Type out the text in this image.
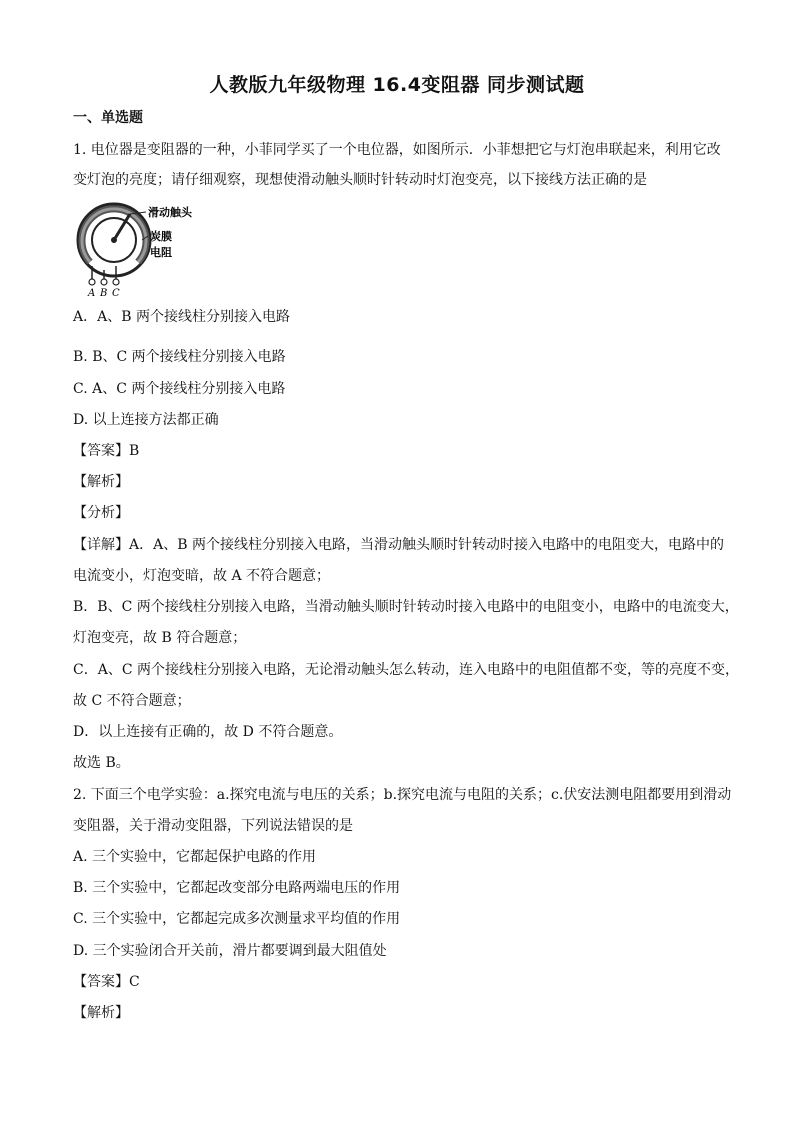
人教版九年级物理 16.4变阻器 同步测试题
一、单选题
1. 电位器是变阻器的一种，小菲同学买了一个电位器，如图所示．小菲想把它与灯泡串联起来，利用它改
变灯泡的亮度；请仔细观察，现想使滑动触头顺时针转动时灯泡变亮，以下接线方法正确的是
滑动触头
炭膜
电阻
A B C
A．A、B 两个接线柱分别接入电路
B. B、C 两个接线柱分别接入电路
C. A、C 两个接线柱分别接入电路
D. 以上连接方法都正确
【答案】B
【解析】
【分析】
【详解】A．A、B 两个接线柱分别接入电路，当滑动触头顺时针转动时接入电路中的电阻变大，电路中的
电流变小，灯泡变暗，故 A 不符合题意；
B．B、C 两个接线柱分别接入电路，当滑动触头顺时针转动时接入电路中的电阻变小，电路中的电流变大，
灯泡变亮，故 B 符合题意；
C．A、C 两个接线柱分别接入电路，无论滑动触头怎么转动，连入电路中的电阻值都不变，等的亮度不变，
故 C 不符合题意；
D．以上连接有正确的，故 D 不符合题意。
故选 B。
2. 下面三个电学实验：a.探究电流与电压的关系；b.探究电流与电阻的关系；c.伏安法测电阻都要用到滑动
变阻器，关于滑动变阻器，下列说法错误的是
A. 三个实验中，它都起保护电路的作用
B. 三个实验中，它都起改变部分电路两端电压的作用
C. 三个实验中，它都起完成多次测量求平均值的作用
D. 三个实验闭合开关前，滑片都要调到最大阻值处
【答案】C
【解析】
